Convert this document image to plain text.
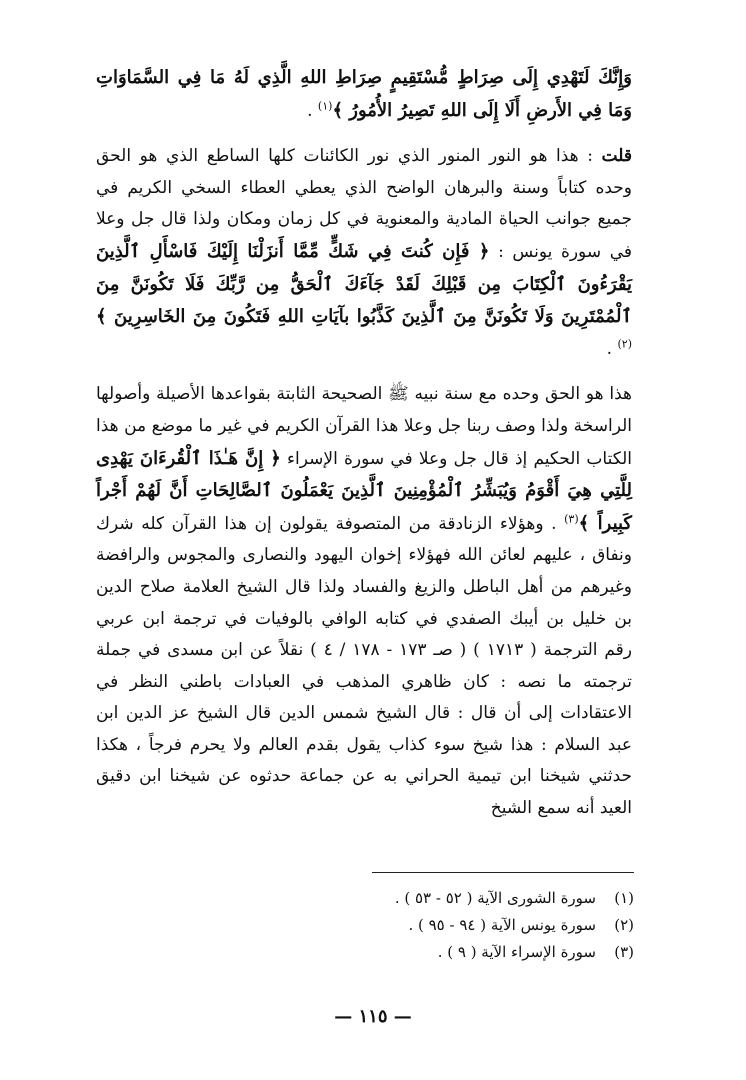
وَإِنَّكَ لَتَهْدِي إِلَى صِرَاطٍ مُّسْتَقِيمٍ صِرَاطِ اللهِ الَّذِي لَهُ مَا فِي السَّمَاوَاتِ وَمَا فِي الأَرضِ أَلَا إِلَى اللهِ تَصِيرُ الأُمُورُ ﴾$^{(١)}$ .

قلت : هذا هو النور المنور الذي نور الكائنات كلها الساطع الذي هو الحق وحده كتاباً وسنة والبرهان الواضح الذي يعطي العطاء السخي الكريم في جميع جوانب الحياة المادية والمعنوية في كل زمان ومكان ولذا قال جل وعلا في سورة يونس : ﴿ فَإِن كُنتَ فِي شَكٍّ مِّمَّا أَنزَلْنَا إِلَيْكَ فَاسْأَلِ ٱلَّذِينَ يَقْرَءُونَ ٱلْكِتَابَ مِن قَبْلِكَ لَقَدْ جَآءَكَ ٱلْحَقُّ مِن رَّبِّكَ فَلَا تَكُونَنَّ مِنَ ٱلْمُمْتَرِينَ وَلَا تَكُونَنَّ مِنَ ٱلَّذِينَ كَذَّبُوا بآيَاتِ اللهِ فَتَكُونَ مِنَ الخَاسِرِينَ ﴾$^{(٢)}$ .

هذا هو الحق وحده مع سنة نبيه ﷺ الصحيحة الثابتة بقواعدها الأصيلة وأصولها الراسخة ولذا وصف ربنا جل وعلا هذا القرآن الكريم في غير ما موضع من هذا الكتاب الحكيم إذ قال جل وعلا في سورة الإسراء ﴿ إِنَّ هَـٰذَا ٱلْقُرءَانَ يَهْدِى لِلَّتِي هِيَ أَقْوَمُ وَيُبَشِّرُ ٱلْمُؤْمِنِينَ ٱلَّذِينَ يَعْمَلُونَ ٱلصَّالِحَاتِ أَنَّ لَهُمْ أَجْراً كَبِيراً ﴾$^{(٣)}$ . وهؤلاء الزنادقة من المتصوفة يقولون إن هذا القرآن كله شرك ونفاق ، عليهم لعائن الله فهؤلاء إخوان اليهود والنصارى والمجوس والرافضة وغيرهم من أهل الباطل والزيغ والفساد ولذا قال الشيخ العلامة صلاح الدين بن خليل بن أيبك الصفدي في كتابه الوافي بالوفيات في ترجمة ابن عربي رقم الترجمة ( ١٧١٣ ) ( صـ ١٧٣ - ١٧٨ / ٤ ) نقلاً عن ابن مسدى في جملة ترجمته ما نصه : كان ظاهري المذهب في العبادات باطني النظر في الاعتقادات إلى أن قال : قال الشيخ شمس الدين قال الشيخ عز الدين ابن عبد السلام : هذا شيخ سوء كذاب يقول بقدم العالم ولا يحرم فرجاً ، هكذا حدثني شيخنا ابن تيمية الحراني به عن جماعة حدثوه عن شيخنا ابن دقيق العيد أنه سمع الشيخ

(١)
سورة الشورى الآية ( ٥٢ - ٥٣ ) .
(٢)
سورة يونس الآية ( ٩٤ - ٩٥ ) .
(٣)
سورة الإسراء الآية ( ٩ ) .
— ١١٥ —
